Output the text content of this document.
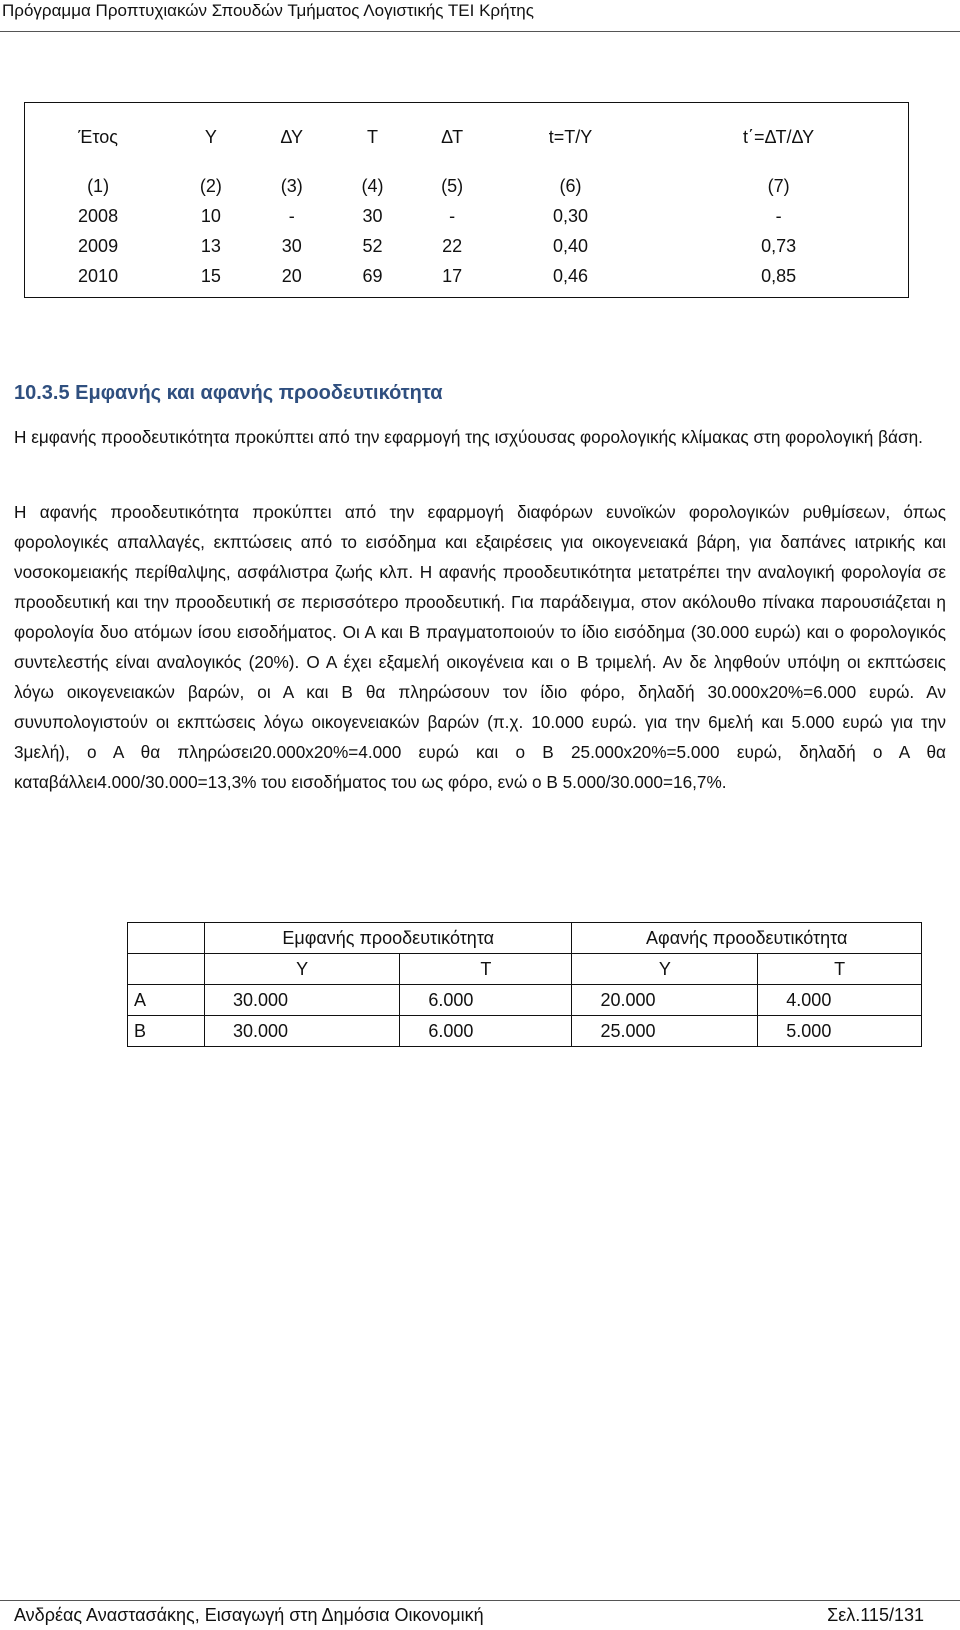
Πρόγραμμα Προπτυχιακών Σπουδών Τμήματος Λογιστικής ΤΕΙ Κρήτης
Έτος	Υ	ΔΥ	Τ	ΔΤ	t=T/Y	t΄=ΔΤ/ΔΥ
(1)	(2)	(3)	(4)	(5)	(6)	(7)
2008	10	-	30	-	0,30	-
2009	13	30	52	22	0,40	0,73
2010	15	20	69	17	0,46	0,85

10.3.5 Εμφανής και αφανής προοδευτικότητα

Η εμφανής προοδευτικότητα προκύπτει από την εφαρμογή της ισχύουσας φορολογικής κλίμακας στη φορολογική βάση.

Η αφανής προοδευτικότητα προκύπτει από την εφαρμογή διαφόρων ευνοϊκών φορολογικών ρυθμίσεων, όπως φορολογικές απαλλαγές, εκπτώσεις από το εισόδημα και εξαιρέσεις για οικογενειακά βάρη, για δαπάνες ιατρικής και νοσοκομειακής περίθαλψης, ασφάλιστρα ζωής κλπ. Η αφανής προοδευτικότητα μετατρέπει την αναλογική φορολογία σε προοδευτική και την προοδευτική σε περισσότερο προοδευτική. Για παράδειγμα, στον ακόλουθο πίνακα παρουσιάζεται η φορολογία δυο ατόμων ίσου εισοδήματος. Οι Α και Β πραγματοποιούν το ίδιο εισόδημα (30.000 ευρώ) και ο φορολογικός συντελεστής είναι αναλογικός (20%). Ο Α έχει εξαμελή οικογένεια και ο Β τριμελή. Αν δε ληφθούν υπόψη οι εκπτώσεις λόγω οικογενειακών βαρών, οι Α και Β θα πληρώσουν τον ίδιο φόρο, δηλαδή 30.000x20%=6.000 ευρώ. Αν συνυπολογιστούν οι εκπτώσεις λόγω οικογενειακών βαρών (π.χ. 10.000 ευρώ. για την 6μελή και 5.000 ευρώ για την 3μελή), ο Α θα πληρώσει20.000x20%=4.000 ευρώ και ο Β 25.000x20%=5.000 ευρώ, δηλαδή ο Α θα καταβάλλει4.000/30.000=13,3% του εισοδήματος του ως φόρο, ενώ ο Β 5.000/30.000=16,7%.

	Εμφανής προοδευτικότητα		Αφανής προοδευτικότητα	
	Υ	Τ	Υ	Τ
Α	30.000	6.000	20.000	4.000
Β	30.000	6.000	25.000	5.000
Ανδρέας Αναστασάκης, Εισαγωγή στη Δημόσια Οικονομική	Σελ.115/131
